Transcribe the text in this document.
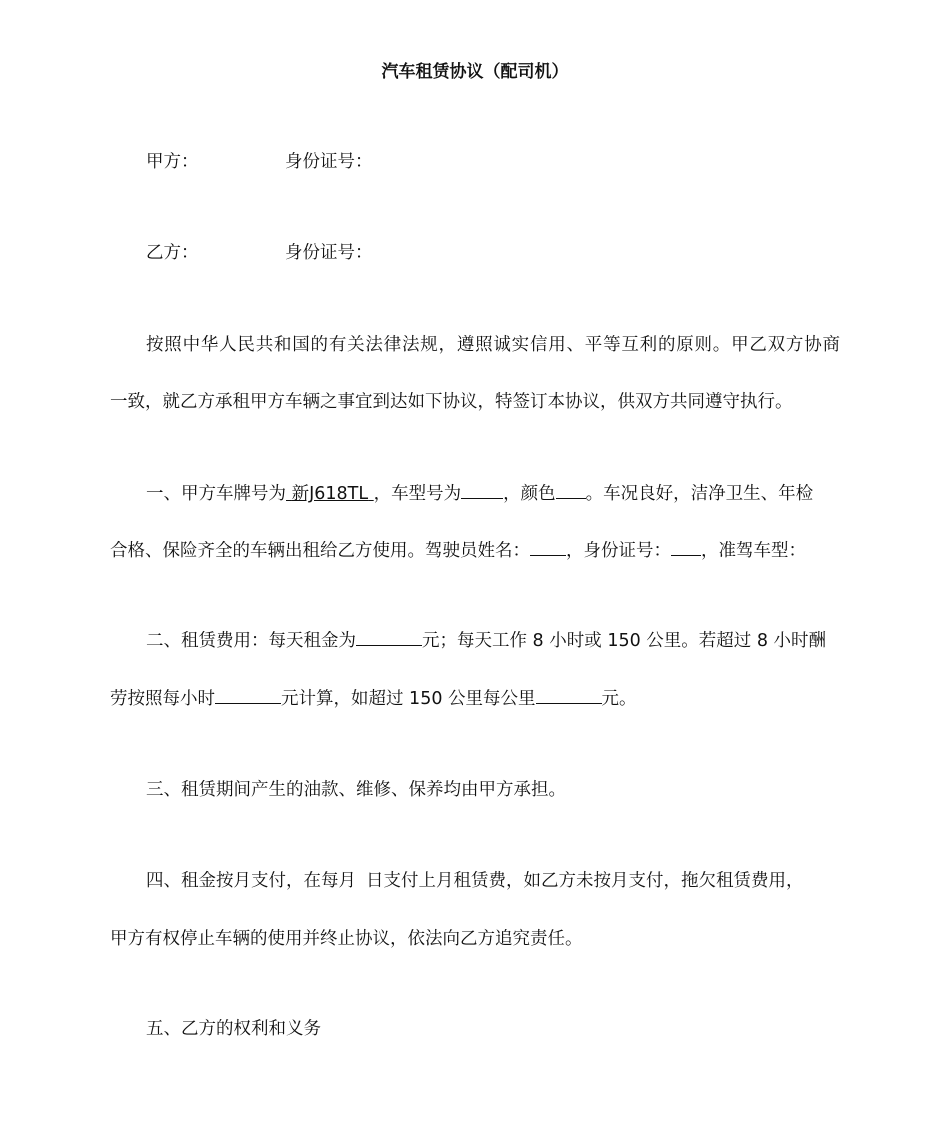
汽车租赁协议（配司机）

甲方：	身份证号：

乙方：	身份证号：

按照中华人民共和国的有关法律法规，遵照诚实信用、平等互利的原则。甲乙双方协商

一致，就乙方承租甲方车辆之事宜到达如下协议，特签订本协议，供双方共同遵守执行。

一、甲方车牌号为 新J618TL ，车型号为 ，颜色 。车况良好，洁净卫生、年检

合格、保险齐全的车辆出租给乙方使用。驾驶员姓名： ，身份证号： ，准驾车型：

二、租赁费用：每天租金为	元；每天工作 8 小时或 150 公里。若超过 8 小时酬

劳按照每小时	元计算，如超过 150 公里每公里	元。

三、租赁期间产生的油款、维修、保养均由甲方承担。

四、租金按月支付，在每月 日支付上月租赁费，如乙方未按月支付，拖欠租赁费用，

甲方有权停止车辆的使用并终止协议，依法向乙方追究责任。

五、乙方的权利和义务
